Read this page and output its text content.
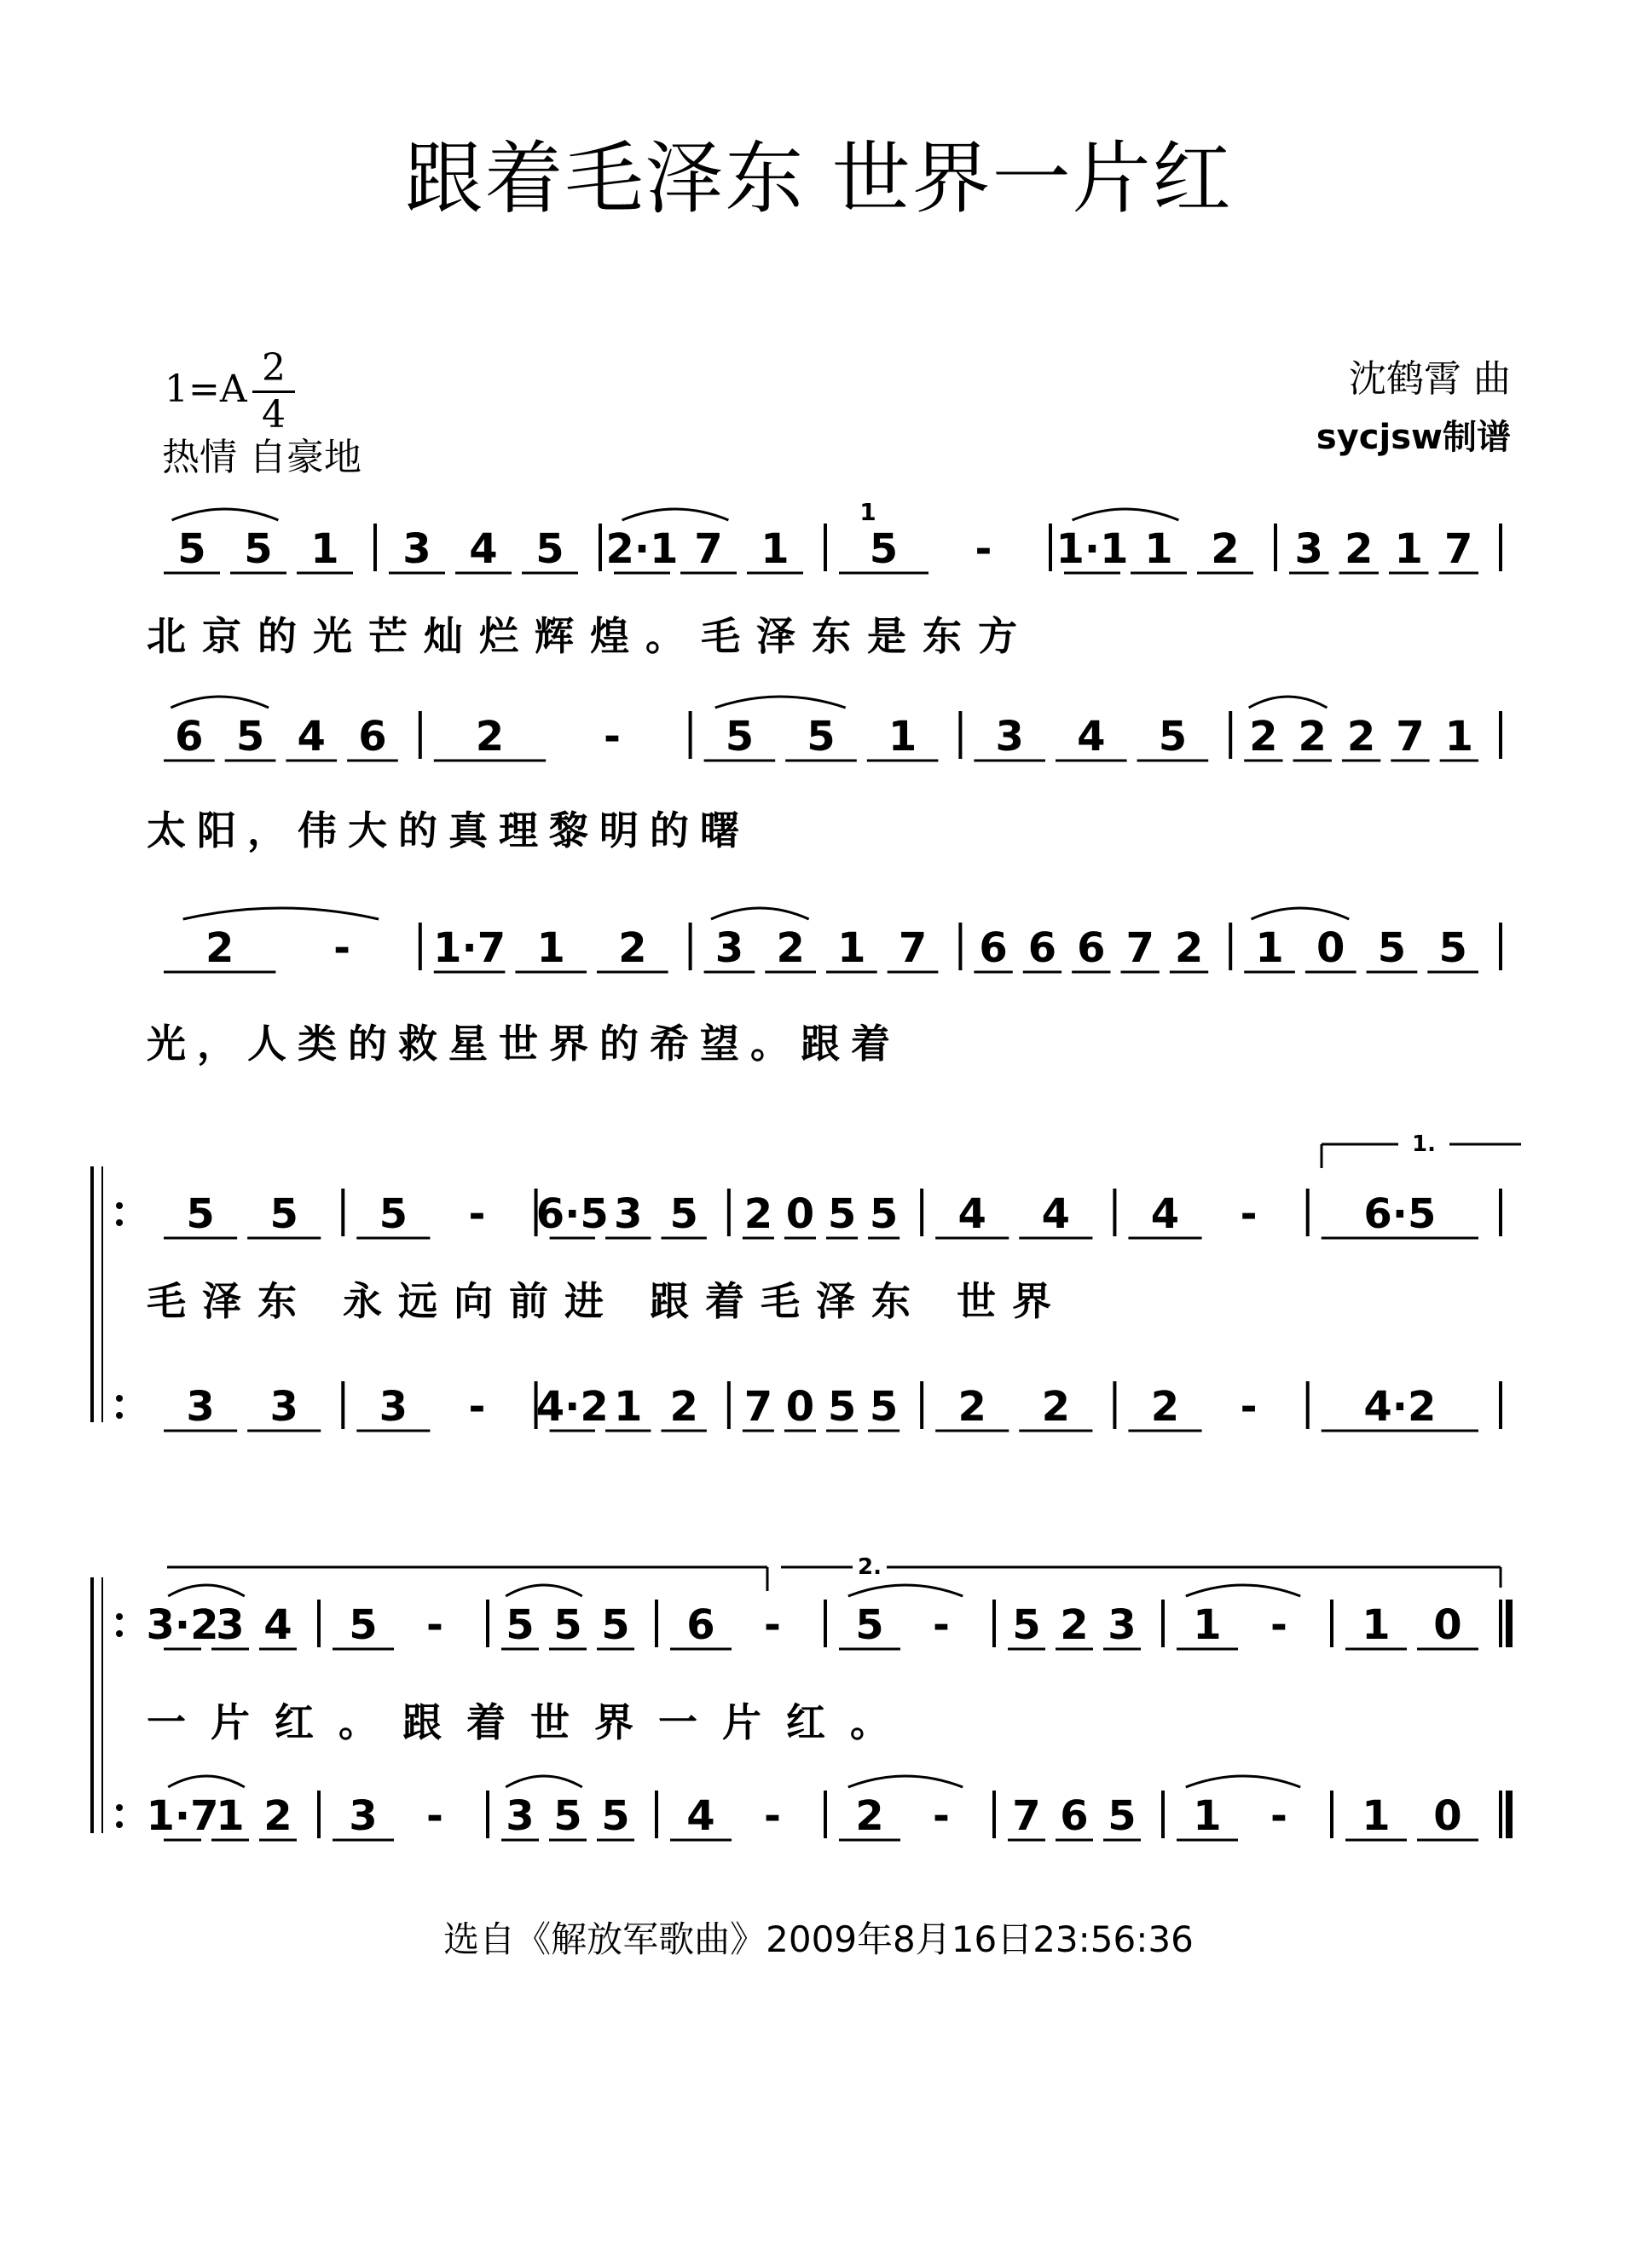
跟着毛泽东 世界一片红
1=A 2
4
热情 自豪地
沈鹤霄 曲
sycjsw制谱
5 5 1 3 4 5 2·1 7 1 5 - 1·1 1 2 3 2 1 7
1
6 5 4 6 2 -	5 5 1 3 4 5 2 2 2 7 1
2 - 1·7 1 2 3 2 1 7 6 6 6 7 2 1 0 5 5
5 5 5 - 6·5 3 5 2 0 5 5 4 4 4 -	6·5
3 3 3 - 4·2 1 2 7 0 5 5 2 2 2 -	4·2
1.
3·2
3 4 5 - 5 5 5 6 - 5 - 5 2 3 1 - 1 0
1·7
1 2 3 - 3 5 5 4 - 2 - 7 6 5 1 - 1 0
2.
北京的光芒灿烂辉煌。毛泽东是东方
太阳，伟大的真理黎明的曙
光，人类的救星世界的希望。跟着
毛泽东 永远向前进 跟着毛泽东 世界
一片红。跟着世界一片红。
选自《解放军歌曲》2009年8月16日23:56:36
